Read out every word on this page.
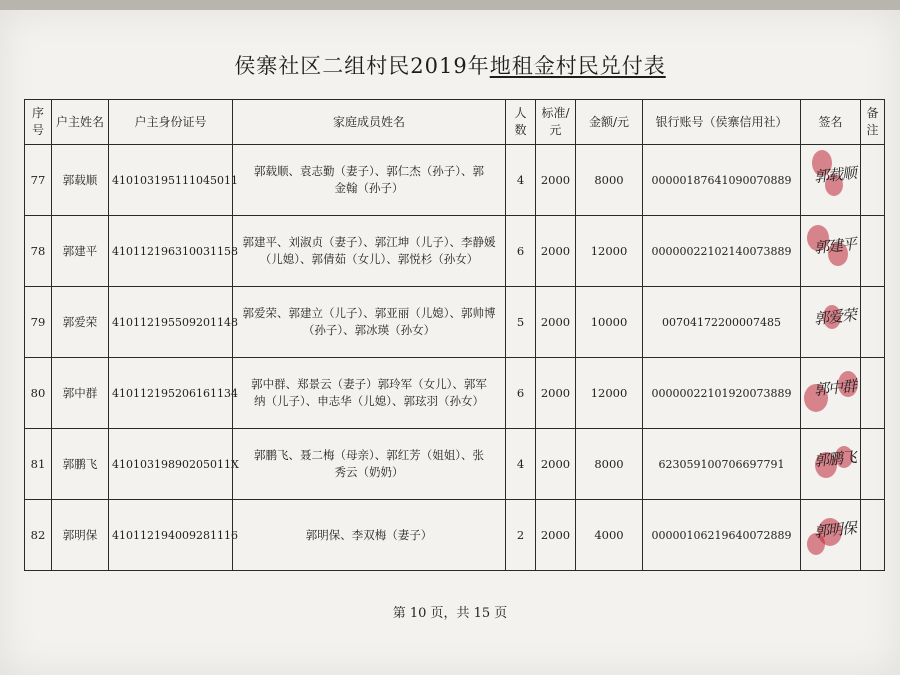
侯寨社区二组村民2019年地租金村民兑付表
序号	户主姓名	户主身份证号	家庭成员姓名	人数	标准/
元	金额/元	银行账号（侯寨信用社）	签名	备注
77	郭载顺	410103195111045011	郭载顺、袁志勤（妻子）、郭仁杰（孙子）、郭
金翰（孙子）	4	2000	8000	0000018764109007088​9	郭载顺	

78	郭建平	410112196310031158	郭建平、刘淑贞（妻子）、郭江坤（儿子）、李静媛
（儿媳）、郭倩茹（女儿）、郭悦杉（孙女）	6	2000	12000	00000022102140073889	郭建平	

79	郭爱荣	410112195509201148	郭爱荣、郭建立（儿子）、郭亚丽（儿媳）、郭帅博
（孙子）、郭冰瑛（孙女）	5	2000	10000	00704172200007485	郭爱荣	

80	郭中群	410112195206161134	郭中群、郑景云（妻子）郭玲军（女儿）、郭军
纳（儿子）、申志华（儿媳）、郭玹羽（孙女）	6	2000	12000	00000022101920073889	郭中群	

81	郭鹏飞	41010319890205011X	郭鹏飞、聂二梅（母亲）、郭红芳（姐姐）、张
秀云（奶奶）	4	2000	8000	623059100706697791	郭鹏飞	

82	郭明保	410112194009281116	郭明保、李双梅（妻子）	2	2000	4000	00000106219640072889	郭明保	

第 10 页，共 15 页
